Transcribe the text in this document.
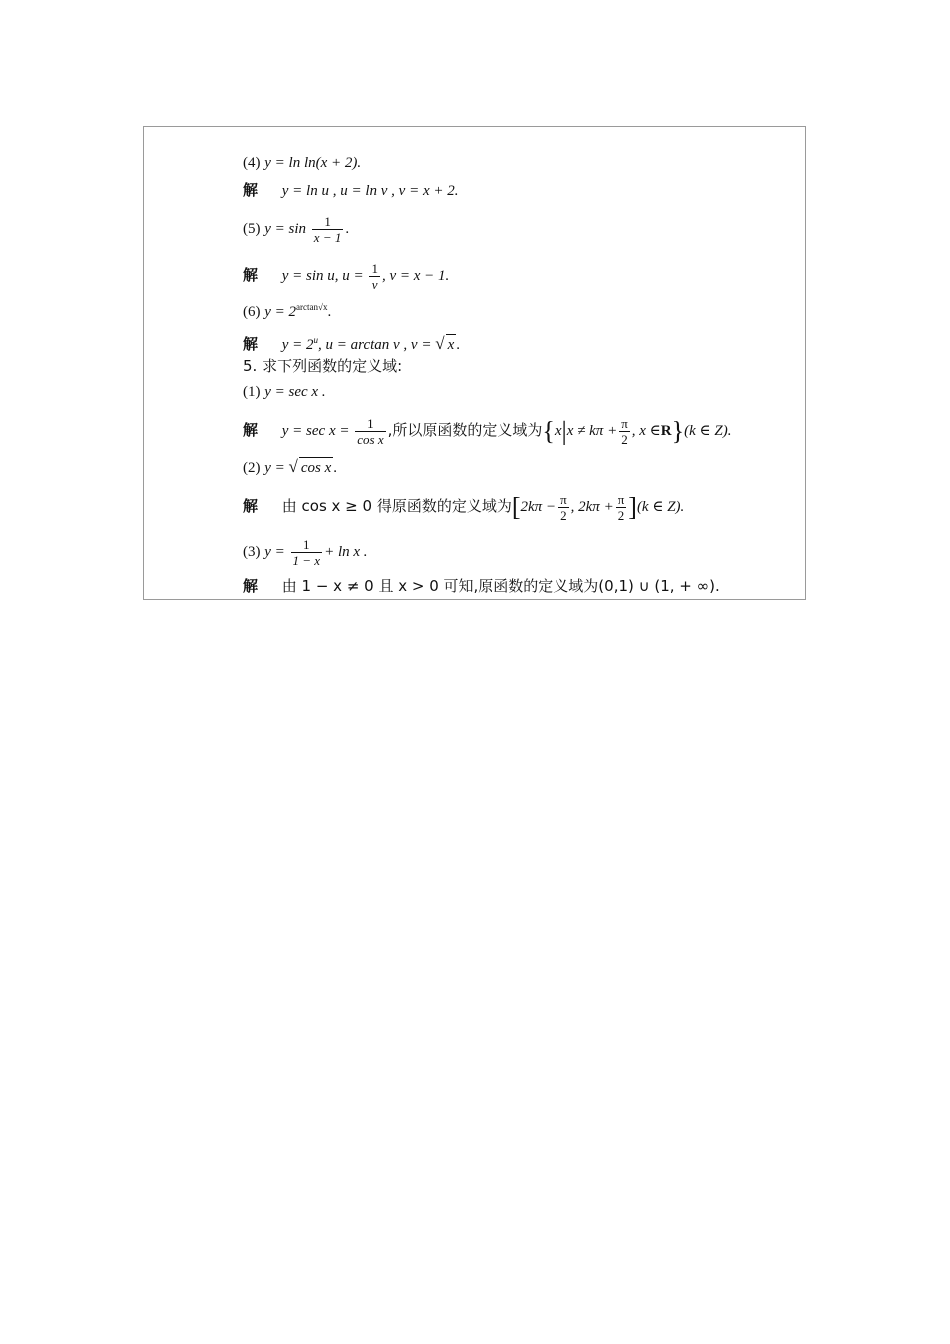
(4) y = ln ln(x + 2).
解 y = ln u , u = ln v , v = x + 2.
(5) $y = \sin \frac{1}{x - 1}$ .
解 y = sin u, $u = \frac{1}{v}$ , v = x − 1.
(6) $y = 2^{arctan√x}$.
解 $y = 2^u$, u = arctan v , v = √ x .
5. 求下列函数的定义域:
(1) y = sec x .
解 $y = \sec x = \frac{1}{\text{cos x}}$ ,所以原函数的定义域为{$x|x \ne k\pi + \frac{\pi}{2}$ , x ∈R}(k ∈ Z).
(2) y = √ cos x .
解 由 cos x ≥ 0 得原函数的定义域为[$2k\pi - \frac{\pi}{2}$ , $2k\pi + \frac{\pi}{2} ](k$ ∈ Z).
(3) $y = \frac{1}{1 - x} + \ln x$ .
解 由 1 − x ≠ 0 且 x > 0 可知,原函数的定义域为(0,1) ∪ (1, + ∞).
